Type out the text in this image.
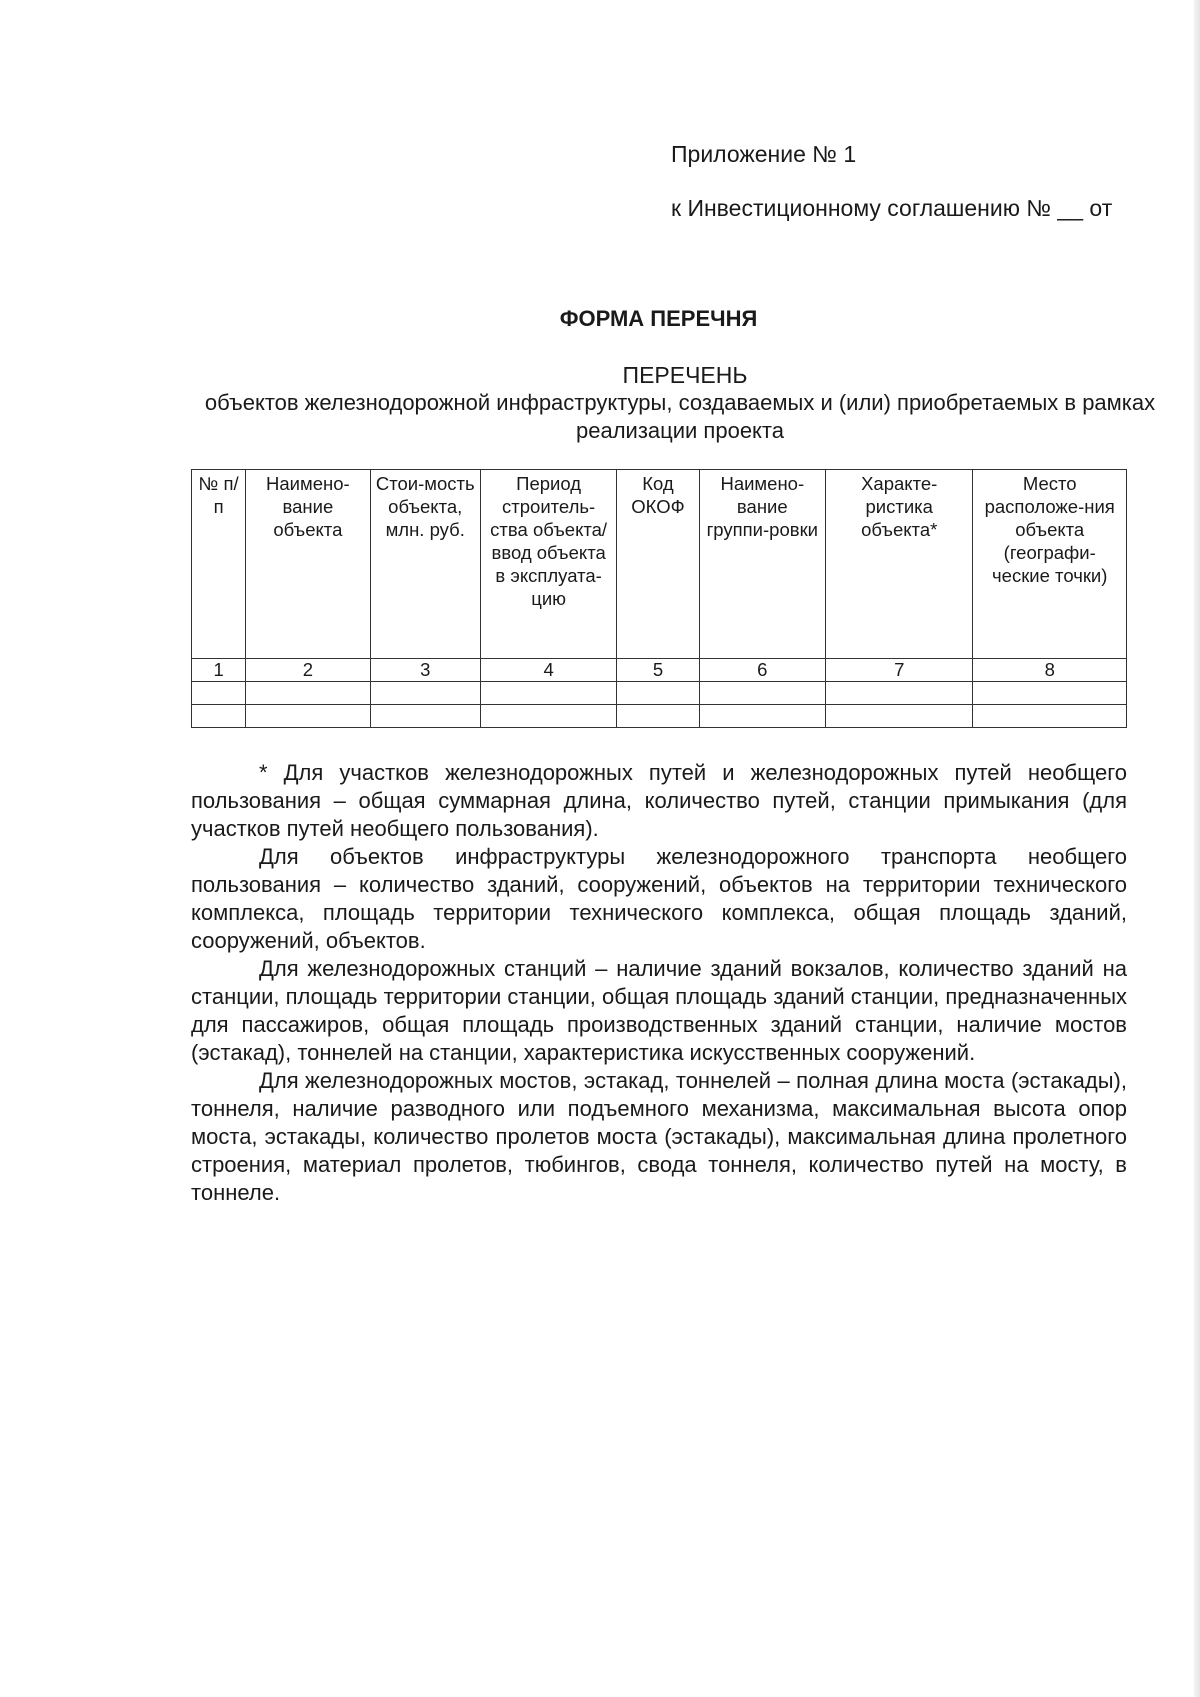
Приложение № 1

к Инвестиционному соглашению № __ от

ФОРМА ПЕРЕЧНЯ
ПЕРЕЧЕНЬ
объектов железнодорожной инфраструктуры, создаваемых и (или) приобретаемых в рамках реализации проекта
№ п/п	Наимено-вание объекта	Стои-мость объекта, млн. руб.	Период строитель-ства объекта/ ввод объекта в эксплуата-цию	Код ОКОФ	Наимено-вание группи-ровки	Характе-ристика объекта*	Место расположе-ния объекта (географи-ческие точки)
1	2	3	4	5	6	7	8

* Для участков железнодорожных путей и железнодорожных путей необщего пользования – общая суммарная длина, количество путей, станции примыкания (для участков путей необщего пользования).

Для объектов инфраструктуры железнодорожного транспорта необщего пользования – количество зданий, сооружений, объектов на территории технического комплекса, площадь территории технического комплекса, общая площадь зданий, сооружений, объектов.

Для железнодорожных станций – наличие зданий вокзалов, количество зданий на станции, площадь территории станции, общая площадь зданий станции, предназначенных для пассажиров, общая площадь производственных зданий станции, наличие мостов (эстакад), тоннелей на станции, характеристика искусственных сооружений.

Для железнодорожных мостов, эстакад, тоннелей – полная длина моста (эстакады), тоннеля, наличие разводного или подъемного механизма, максимальная высота опор моста, эстакады, количество пролетов моста (эстакады), максимальная длина пролетного строения, материал пролетов, тюбингов, свода тоннеля, количество путей на мосту, в тоннеле.
